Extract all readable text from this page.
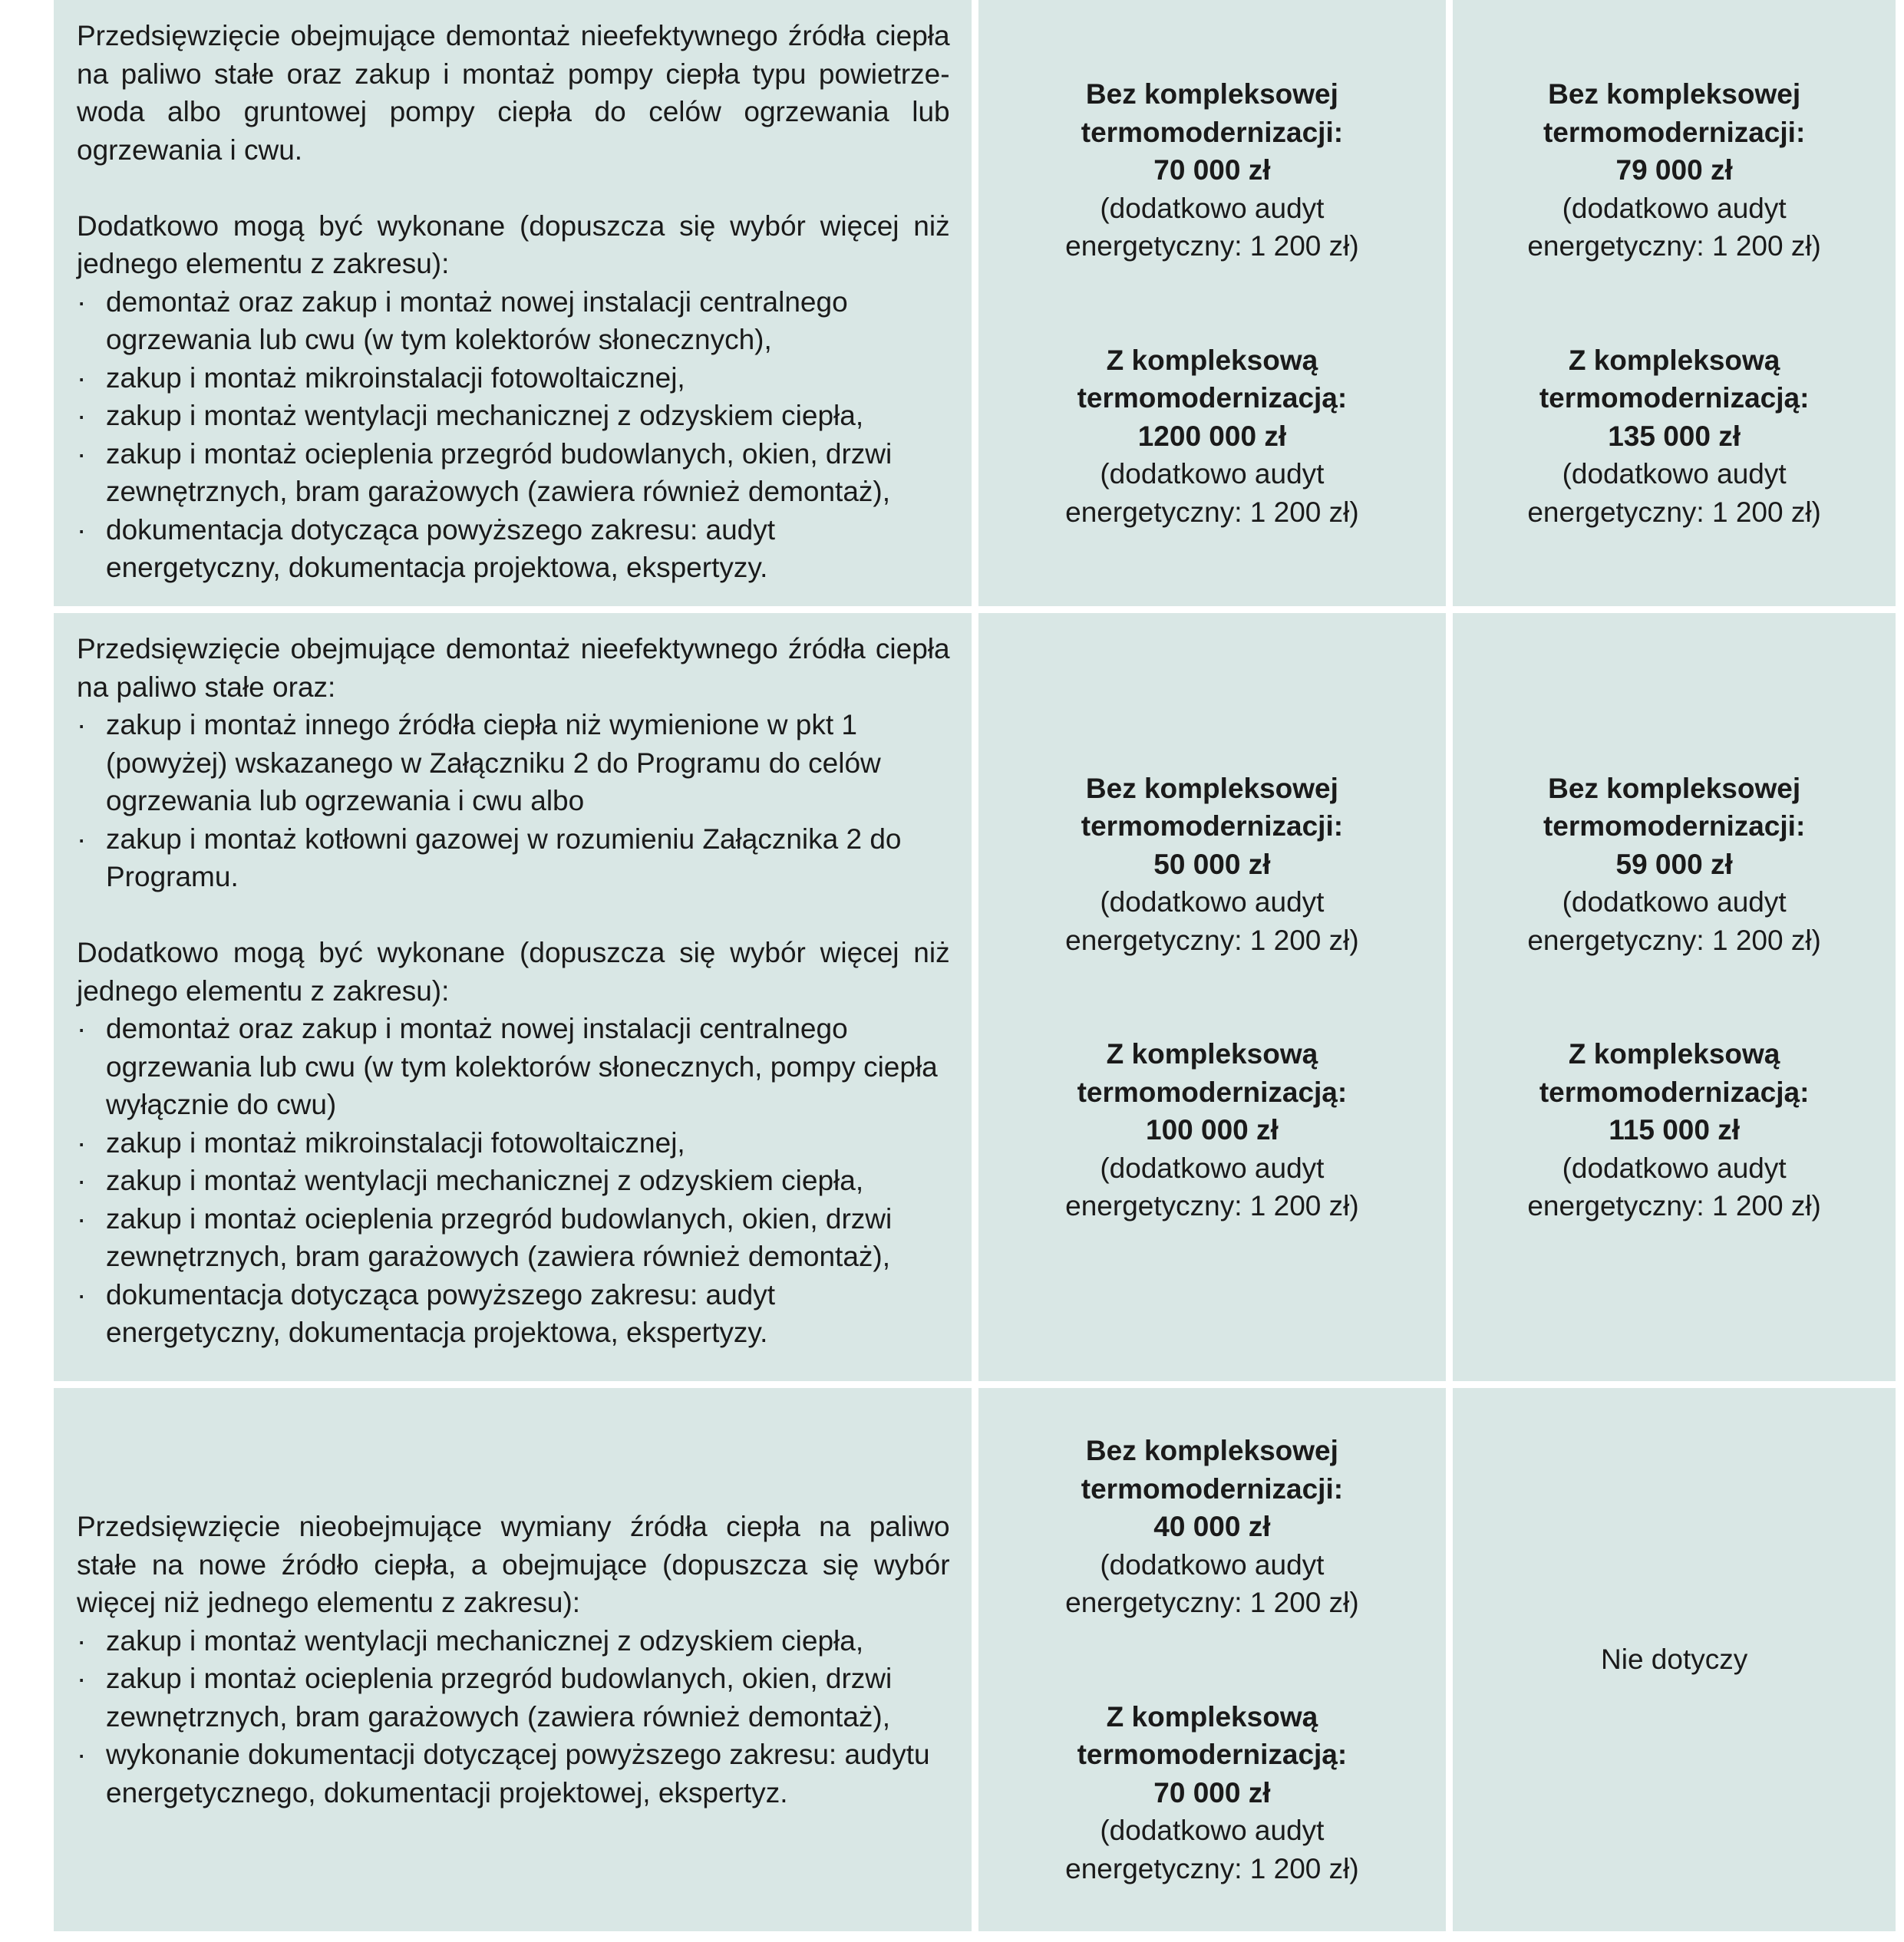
Przedsięwzięcie obejmujące demontaż nieefektywnego źródła ciepła na paliwo stałe oraz zakup i montaż pompy ciepła typu powietrze-woda albo gruntowej pompy ciepła do celów ogrzewania lub ogrzewania i cwu.
Dodatkowo mogą być wykonane (dopuszcza się wybór więcej niż jednego elementu z zakresu):
· demontaż oraz zakup i montaż nowej instalacji centralnego ogrzewania lub cwu (w tym kolektorów słonecznych),
· zakup i montaż mikroinstalacji fotowoltaicznej,
· zakup i montaż wentylacji mechanicznej z odzyskiem ciepła,
· zakup i montaż ocieplenia przegród budowlanych, okien, drzwi zewnętrznych, bram garażowych (zawiera również demontaż),
· dokumentacja dotycząca powyższego zakresu: audyt energetyczny, dokumentacja projektowa, ekspertyzy.
Bez kompleksowej
termomodernizacji:
70 000 zł
(dodatkowo audyt
energetyczny: 1 200 zł)
Z kompleksową
termomodernizacją:
1200 000 zł
(dodatkowo audyt
energetyczny: 1 200 zł)
Bez kompleksowej
termomodernizacji:
79 000 zł
(dodatkowo audyt
energetyczny: 1 200 zł)
Z kompleksową
termomodernizacją:
135 000 zł
(dodatkowo audyt
energetyczny: 1 200 zł)
Przedsięwzięcie obejmujące demontaż nieefektywnego źródła ciepła na paliwo stałe oraz:
· zakup i montaż innego źródła ciepła niż wymienione w pkt 1 (powyżej) wskazanego w Załączniku 2 do Programu do celów ogrzewania lub ogrzewania i cwu albo
· zakup i montaż kotłowni gazowej w rozumieniu Załącznika 2 do Programu.
Dodatkowo mogą być wykonane (dopuszcza się wybór więcej niż jednego elementu z zakresu):
· demontaż oraz zakup i montaż nowej instalacji centralnego ogrzewania lub cwu (w tym kolektorów słonecznych, pompy ciepła wyłącznie do cwu)
· zakup i montaż mikroinstalacji fotowoltaicznej,
· zakup i montaż wentylacji mechanicznej z odzyskiem ciepła,
· zakup i montaż ocieplenia przegród budowlanych, okien, drzwi zewnętrznych, bram garażowych (zawiera również demontaż),
· dokumentacja dotycząca powyższego zakresu: audyt energetyczny, dokumentacja projektowa, ekspertyzy.
Bez kompleksowej
termomodernizacji:
50 000 zł
(dodatkowo audyt
energetyczny: 1 200 zł)
Z kompleksową
termomodernizacją:
100 000 zł
(dodatkowo audyt
energetyczny: 1 200 zł)
Bez kompleksowej
termomodernizacji:
59 000 zł
(dodatkowo audyt
energetyczny: 1 200 zł)
Z kompleksową
termomodernizacją:
115 000 zł
(dodatkowo audyt
energetyczny: 1 200 zł)
Przedsięwzięcie nieobejmujące wymiany źródła ciepła na paliwo stałe na nowe źródło ciepła, a obejmujące (dopuszcza się wybór więcej niż jednego elementu z zakresu):
· zakup i montaż wentylacji mechanicznej z odzyskiem ciepła,
· zakup i montaż ocieplenia przegród budowlanych, okien, drzwi zewnętrznych, bram garażowych (zawiera również demontaż),
· wykonanie dokumentacji dotyczącej powyższego zakresu: audytu energetycznego, dokumentacji projektowej, ekspertyz.
Bez kompleksowej
termomodernizacji:
40 000 zł
(dodatkowo audyt
energetyczny: 1 200 zł)
Z kompleksową
termomodernizacją:
70 000 zł
(dodatkowo audyt
energetyczny: 1 200 zł)
Nie dotyczy
